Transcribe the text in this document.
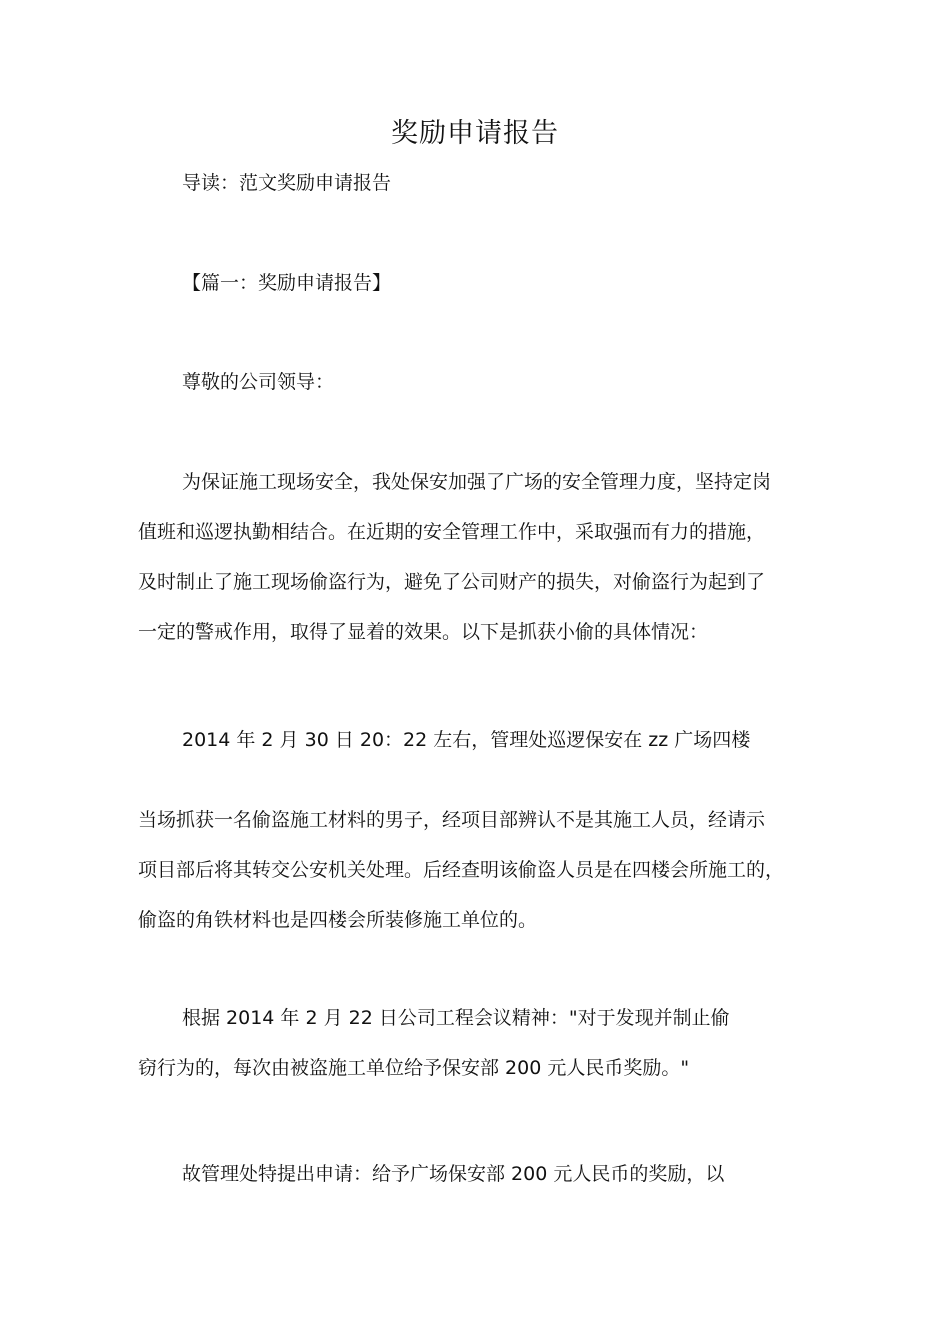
奖励申请报告
导读：范文奖励申请报告
【篇一：奖励申请报告】
尊敬的公司领导：
为保证施工现场安全，我处保安加强了广场的安全管理力度，坚持定岗
值班和巡逻执勤相结合。在近期的安全管理工作中，采取强而有力的措施，
及时制止了施工现场偷盗行为，避免了公司财产的损失，对偷盗行为起到了
一定的警戒作用，取得了显着的效果。以下是抓获小偷的具体情况：
2014 年 2 月 30 日 20：22 左右，管理处巡逻保安在 zz 广场四楼
当场抓获一名偷盗施工材料的男子，经项目部辨认不是其施工人员，经请示
项目部后将其转交公安机关处理。后经查明该偷盗人员是在四楼会所施工的，
偷盗的角铁材料也是四楼会所装修施工单位的。
根据 2014 年 2 月 22 日公司工程会议精神："对于发现并制止偷
窃行为的，每次由被盗施工单位给予保安部 200 元人民币奖励。"
故管理处特提出申请：给予广场保安部 200 元人民币的奖励，以
